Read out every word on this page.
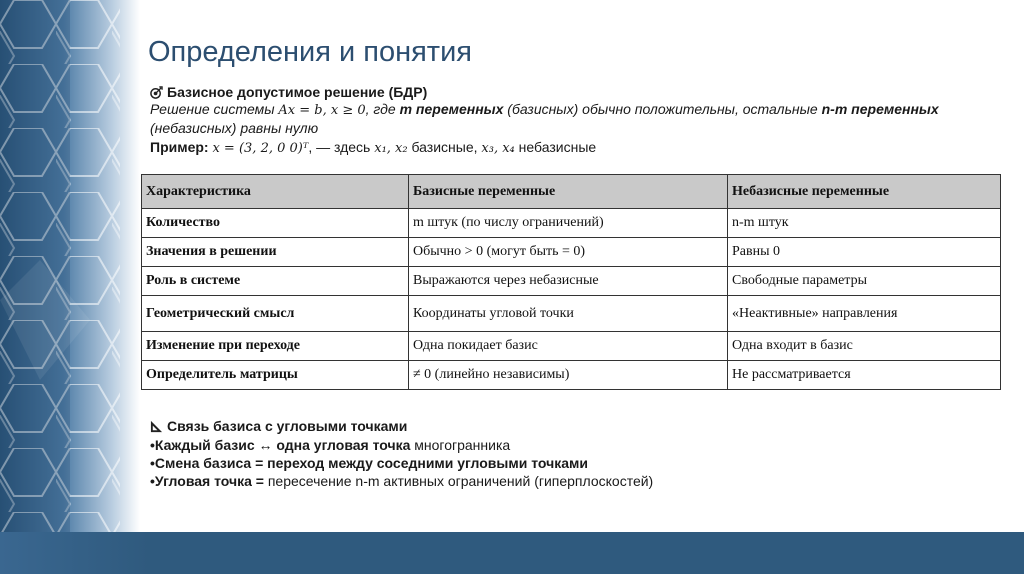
Определения и понятия
Базисное допустимое решение (БДР)
Решение системы Ax = b, x ≥ 0, где m переменных (базисных) обычно положительны, остальные n-m переменных
(небазисных) равны нулю
Пример: x = (3, 2, 0 0)ᵀ, — здесь x₁, x₂ базисные, x₃, x₄ небазисные
Характеристика	Базисные переменные	Небазисные переменные
Количество	m штук (по числу ограничений)	n-m штук
Значения в решении	Обычно > 0 (могут быть = 0)	Равны 0
Роль в системе	Выражаются через небазисные	Свободные параметры
Геометрический смысл	Координаты угловой точки	«Неактивные» направления
Изменение при переходе	Одна покидает базис	Одна входит в базис
Определитель матрицы	≠ 0 (линейно независимы)	Не рассматривается
Связь базиса с угловыми точками
•Каждый базис ↔ одна угловая точка многогранника
•Смена базиса = переход между соседними угловыми точками
•Угловая точка = пересечение n-m активных ограничений (гиперплоскостей)
